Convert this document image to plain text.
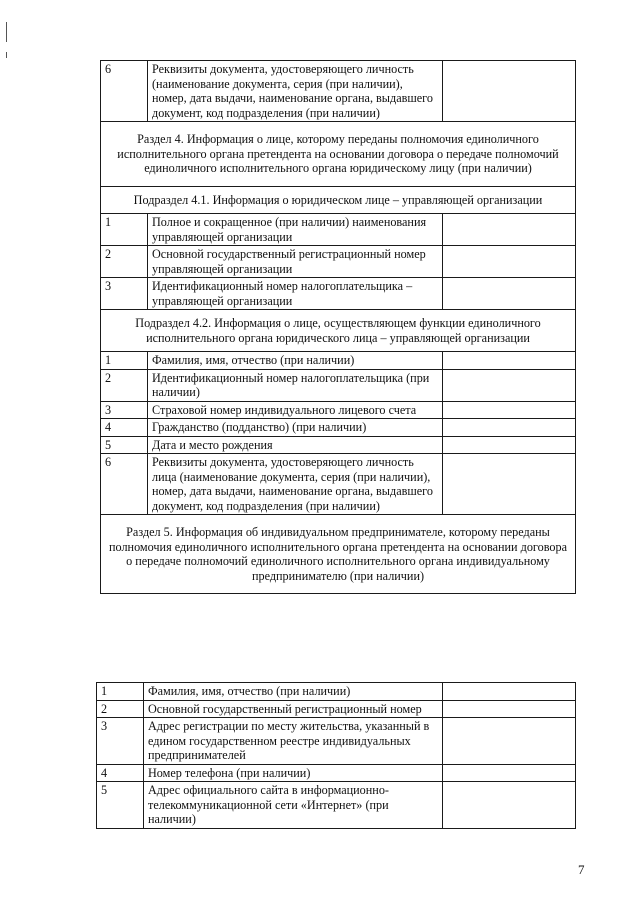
6	Реквизиты документа, удостоверяющего личность (наименование документа, серия (при наличии), номер, дата выдачи, наименование органа, выдавшего документ, код подразделения (при наличии)	
Раздел 4. Информация о лице, которому переданы полномочия единоличного исполнительного органа претендента на основании договора о передаче полномочий единоличного исполнительного органа юридическому лицу (при наличии)		
Подраздел 4.1. Информация о юридическом лице – управляющей организации		
1	Полное и сокращенное (при наличии) наименования управляющей организации	
2	Основной государственный регистрационный номер управляющей организации	
3	Идентификационный номер налогоплательщика – управляющей организации	
Подраздел 4.2. Информация о лице, осуществляющем функции единоличного исполнительного органа юридического лица – управляющей организации		
1	Фамилия, имя, отчество (при наличии)	
2	Идентификационный номер налогоплательщика (при наличии)	
3	Страховой номер индивидуального лицевого счета	
4	Гражданство (подданство) (при наличии)	
5	Дата и место рождения	
6	Реквизиты документа, удостоверяющего личность лица (наименование документа, серия (при наличии), номер, дата выдачи, наименование органа, выдавшего документ, код подразделения (при наличии)	
Раздел 5. Информация об индивидуальном предпринимателе, которому переданы полномочия единоличного исполнительного органа претендента на основании договора о передаче полномочий единоличного исполнительного органа индивидуальному предпринимателю (при наличии)		
1	Фамилия, имя, отчество (при наличии)	
2	Основной государственный регистрационный номер	
3	Адрес регистрации по месту жительства, указанный в едином государственном реестре индивидуальных предпринимателей	
4	Номер телефона (при наличии)	
5	Адрес официального сайта в информационно-телекоммуникационной сети «Интернет» (при наличии)	
7
